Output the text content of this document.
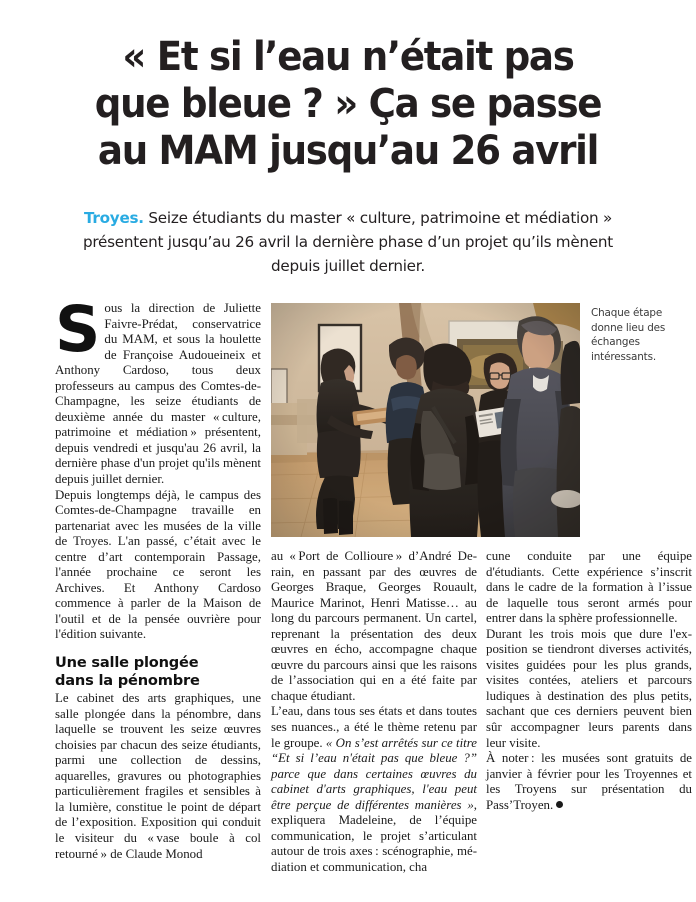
« Et si l’eau n’était pas
que bleue ? » Ça se passe
au MAM jusqu’au 26 avril
Troyes. Seize étudiants du master « culture, patrimoine et médiation » présentent jusqu’au 26 avril la dernière phase d’un projet qu’ils mènent depuis juillet dernier.
Chaque étape donne lieu des échanges intéressants.

Sous la direction de Juliette Faivre-Prédat, conservatrice du MAM, et sous la houlette de Françoise Audoueineix et Anthony Cardoso, tous deux professeurs au campus des Comtes-de-Champagne, les seize étudiants de deuxième année du master « culture, patrimoine et médiation » présentent, depuis vendredi et jusqu'au 26 avril, la dernière phase d'un projet qu'ils mènent depuis juillet dernier.

Depuis longtemps déjà, le campus des Comtes-de-Champagne travaille en partenariat avec les musées de la ville de Troyes. L'an passé, c’était avec le centre d’art contemporain Passage, l'année prochaine ce seront les Archives. Et Anthony Cardoso commence à parler de la Maison de l'outil et de la pensée ouvrière pour l'édition suivante.

Une salle plongée
dans la pénombre

Le cabinet des arts graphiques, une salle plongée dans la pénombre, dans laquelle se trouvent les seize œuvres choisies par chacun des seize étudiants, parmi une collection de dessins, aquarelles, gravures ou photographies particulièrement fragiles et sensibles à la lumière, constitue le point de départ de l’exposition. Exposition qui conduit le visiteur du « vase boule à col retourné » de Claude Monod

au « Port de Collioure » d’André Derain, en passant par des œuvres de Georges Braque, Georges Rouault, Maurice Marinot, Henri Matisse… au long du parcours permanent. Un cartel, reprenant la présentation des deux œuvres en écho, accompagne chaque œuvre du parcours ainsi que les raisons de l’association qui en a été faite par chaque étudiant.

L’eau, dans tous ses états et dans toutes ses nuances., a été le thème retenu par le groupe. « On s’est arrêtés sur ce titre “Et si l’eau n'était pas que bleue ?” parce que dans certaines œuvres du cabinet d'arts graphiques, l'eau peut être perçue de différentes manières », expliquera Madeleine, de l’équipe communication, le projet s’articulant autour de trois axes : scénographie, médiation et communication, cha

cune conduite par une équipe d'étudiants. Cette expérience s’inscrit dans le cadre de la formation à l’issue de laquelle tous seront armés pour entrer dans la sphère professionnelle.

Durant les trois mois que dure l'exposition se tiendront diverses activités, visites guidées pour les plus grands, visites contées, ateliers et parcours ludiques à destination des plus petits, sachant que ces derniers peuvent bien sûr accompagner leurs parents dans leur visite.

À noter : les musées sont gratuits de janvier à février pour les Troyennes et les Troyens sur présentation du Pass’Troyen.
